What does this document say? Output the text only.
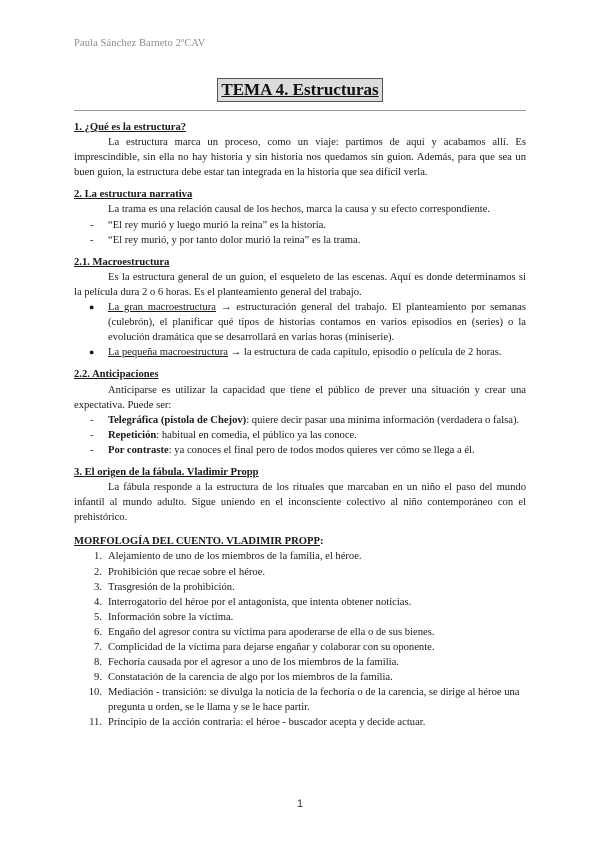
Paula Sánchez Barneto 2ºCAV
TEMA 4. Estructuras
1. ¿Qué es la estructura?
La estructura marca un proceso, como un viaje: partimos de aquí y acabamos allí. Es imprescindible, sin ella no hay historia y sin historia nos quedamos sin guion. Además, para que sea un buen guion, la estructura debe estar tan integrada en la historia que sea difícil verla.
2. La estructura narrativa
La trama es una relación causal de los hechos, marca la causa y su efecto correspondiente.
- “El rey murió y luego murió la reina” es la historia.
- “El rey murió, y por tanto dolor murió la reina” es la trama.
2.1. Macroestructura
Es la estructura general de un guion, el esqueleto de las escenas. Aquí es donde determinamos si la película dura 2 o 6 horas. Es el planteamiento general del trabajo.
● La gran macroestructura → estructuración general del trabajo. El planteamiento por semanas (culebrón), el planificar qué tipos de historias contamos en varios episodios en (series) o la evolución dramática que se desarrollará en varias horas (miniserie).
● La pequeña macroestructura → la estructura de cada capítulo, episodio o película de 2 horas.
2.2. Anticipaciones
Anticiparse es utilizar la capacidad que tiene el público de prever una situación y crear una expectativa. Puede ser:
- Telegráfica (pistola de Chejov): quiere decir pasar una mínima información (verdadera o falsa).
- Repetición: habitual en comedia, el público ya las conoce.
- Por contraste: ya conoces el final pero de todos modos quieres ver cómo se llega a él.
3. El origen de la fábula. Vladimir Propp
La fábula responde a la estructura de los rituales que marcaban en un niño el paso del mundo infantil al mundo adulto. Sigue uniendo en el inconsciente colectivo al niño contemporáneo con el prehistórico.
MORFOLOGÍA DEL CUENTO. VLADIMIR PROPP:
1. Alejamiento de uno de los miembros de la familia, el héroe.
2. Prohibición que recae sobre el héroe.
3. Trasgresión de la prohibición.
4. Interrogatorio del héroe por el antagonista, que intenta obtener noticias.
5. Información sobre la víctima.
6. Engaño del agresor contra su víctima para apoderarse de ella o de sus bienes.
7. Complicidad de la víctima para dejarse engañar y colaborar con su oponente.
8. Fechoría causada por el agresor a uno de los miembros de la familia.
9. Constatación de la carencia de algo por los miembros de la familia.
10. Mediación - transición: se divulga la noticia de la fechoría o de la carencia, se dirige al héroe una pregunta u orden, se le llama y se le hace partir.
11. Principio de la acción contraria: el héroe - buscador acepta y decide actuar.
1
